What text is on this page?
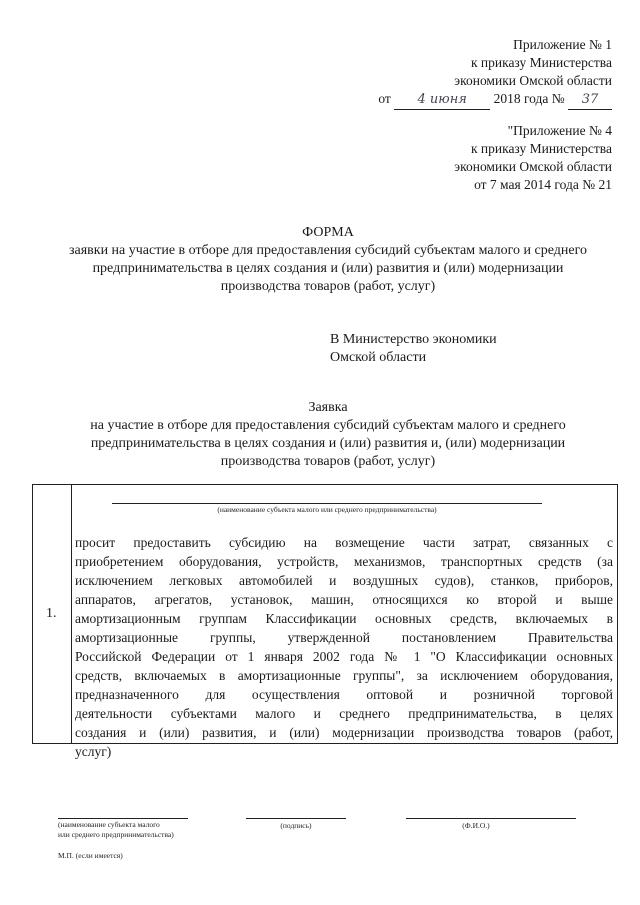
Приложение № 1
к приказу Министерства
экономики Омской области
от 4 июня 2018 года № 37
"Приложение № 4
к приказу Министерства
экономики Омской области
от 7 мая 2014 года № 21
ФОРМА
заявки на участие в отборе для предоставления субсидий субъектам малого и среднего
предпринимательства в целях создания и (или) развития и (или) модернизации
производства товаров (работ, услуг)
В Министерство экономики
Омской области
Заявка
на участие в отборе для предоставления субсидий субъектам малого и среднего
предпринимательства в целях создания и (или) развития и, (или) модернизации
производства товаров (работ, услуг)
1.
(наименование субъекта малого или среднего предпринимательства)
просит предоставить субсидию на возмещение части затрат, связанных с
приобретением оборудования, устройств, механизмов, транспортных средств (за
исключением легковых автомобилей и воздушных судов), станков, приборов,
аппаратов, агрегатов, установок, машин, относящихся ко второй и выше
амортизационным группам Классификации основных средств, включаемых в
амортизационные группы, утвержденной постановлением Правительства
Российской Федерации от 1 января 2002 года № 1 "О Классификации основных
средств, включаемых в амортизационные группы", за исключением оборудования,
предназначенного для осуществления оптовой и розничной торговой
деятельности субъектами малого и среднего предпринимательства, в целях
создания и (или) развития, и (или) модернизации производства товаров (работ,
услуг)
(наименование субъекта малого
или среднего предпринимательства)
(подпись)	(Ф.И.О.)
М.П. (если имеется)
